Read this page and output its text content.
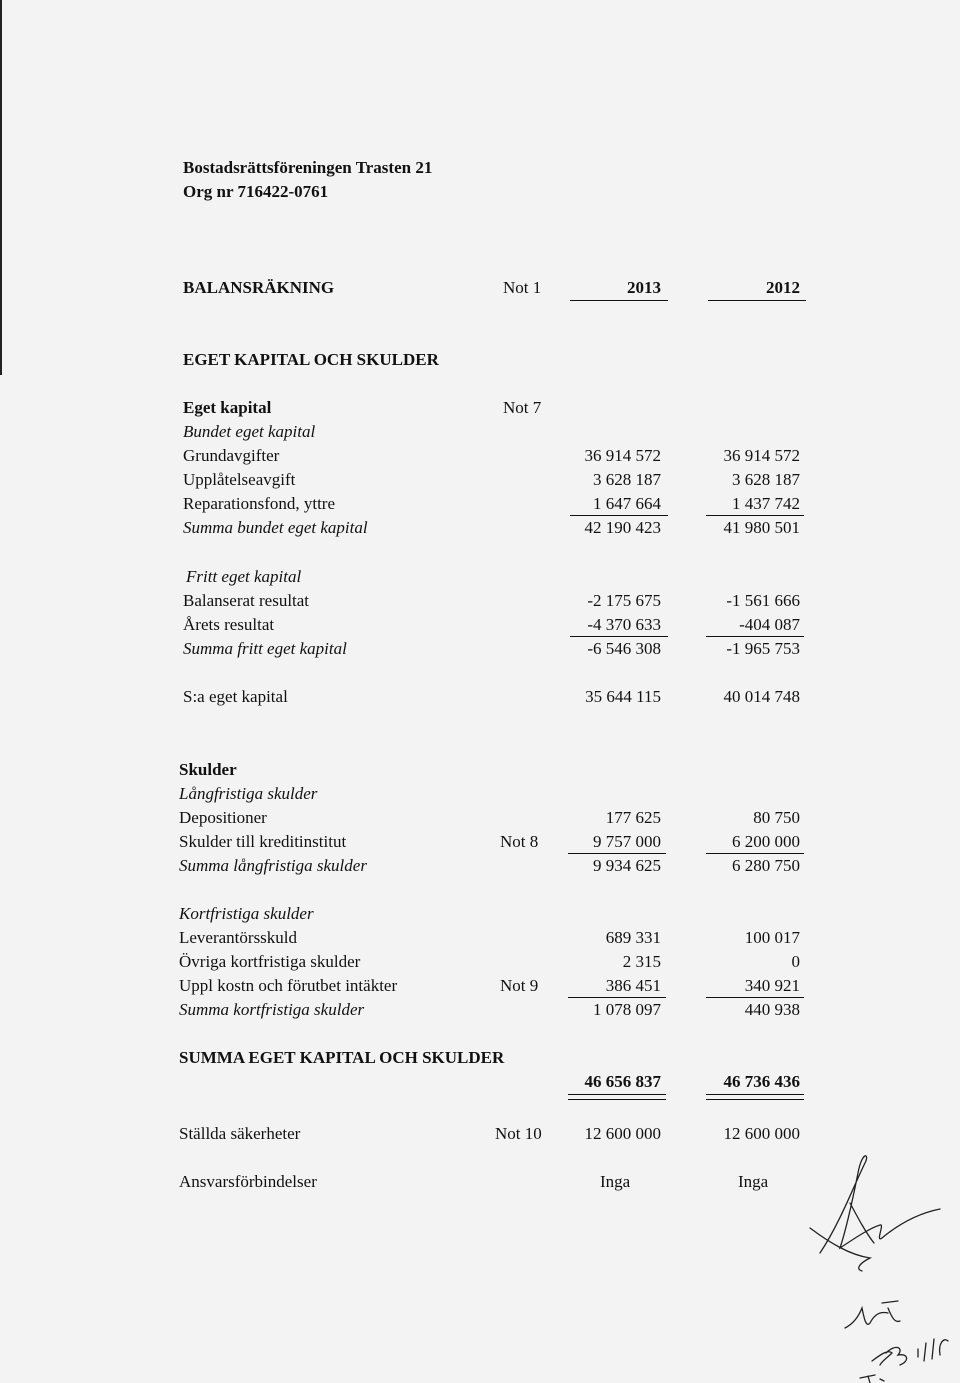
Bostadsrättsföreningen Trasten 21
Org nr 716422-0761
BALANSRÄKNING	Not 1	2013	2012
EGET KAPITAL OCH SKULDER
Eget kapital	Not 7
Bundet eget kapital
Grundavgifter	36 914 572	36 914 572
Upplåtelseavgift	3 628 187	3 628 187
Reparationsfond, yttre	1 647 664	1 437 742
Summa bundet eget kapital	42 190 423	41 980 501
Fritt eget kapital
Balanserat resultat	-2 175 675	-1 561 666
Årets resultat	-4 370 633	-404 087
Summa fritt eget kapital	-6 546 308	-1 965 753
S:a eget kapital	35 644 115	40 014 748
Skulder
Långfristiga skulder
Depositioner	177 625	80 750
Skulder till kreditinstitut	Not 8	9 757 000	6 200 000
Summa långfristiga skulder	9 934 625	6 280 750
Kortfristiga skulder
Leverantörsskuld	689 331	100 017
Övriga kortfristiga skulder	2 315	0
Uppl kostn och förutbet intäkter	Not 9	386 451	340 921
Summa kortfristiga skulder	1 078 097	440 938
SUMMA EGET KAPITAL OCH SKULDER
46 656 837	46 736 436
Ställda säkerheter	Not 10	12 600 000	12 600 000
Ansvarsförbindelser	Inga	Inga
AB: llll T.
